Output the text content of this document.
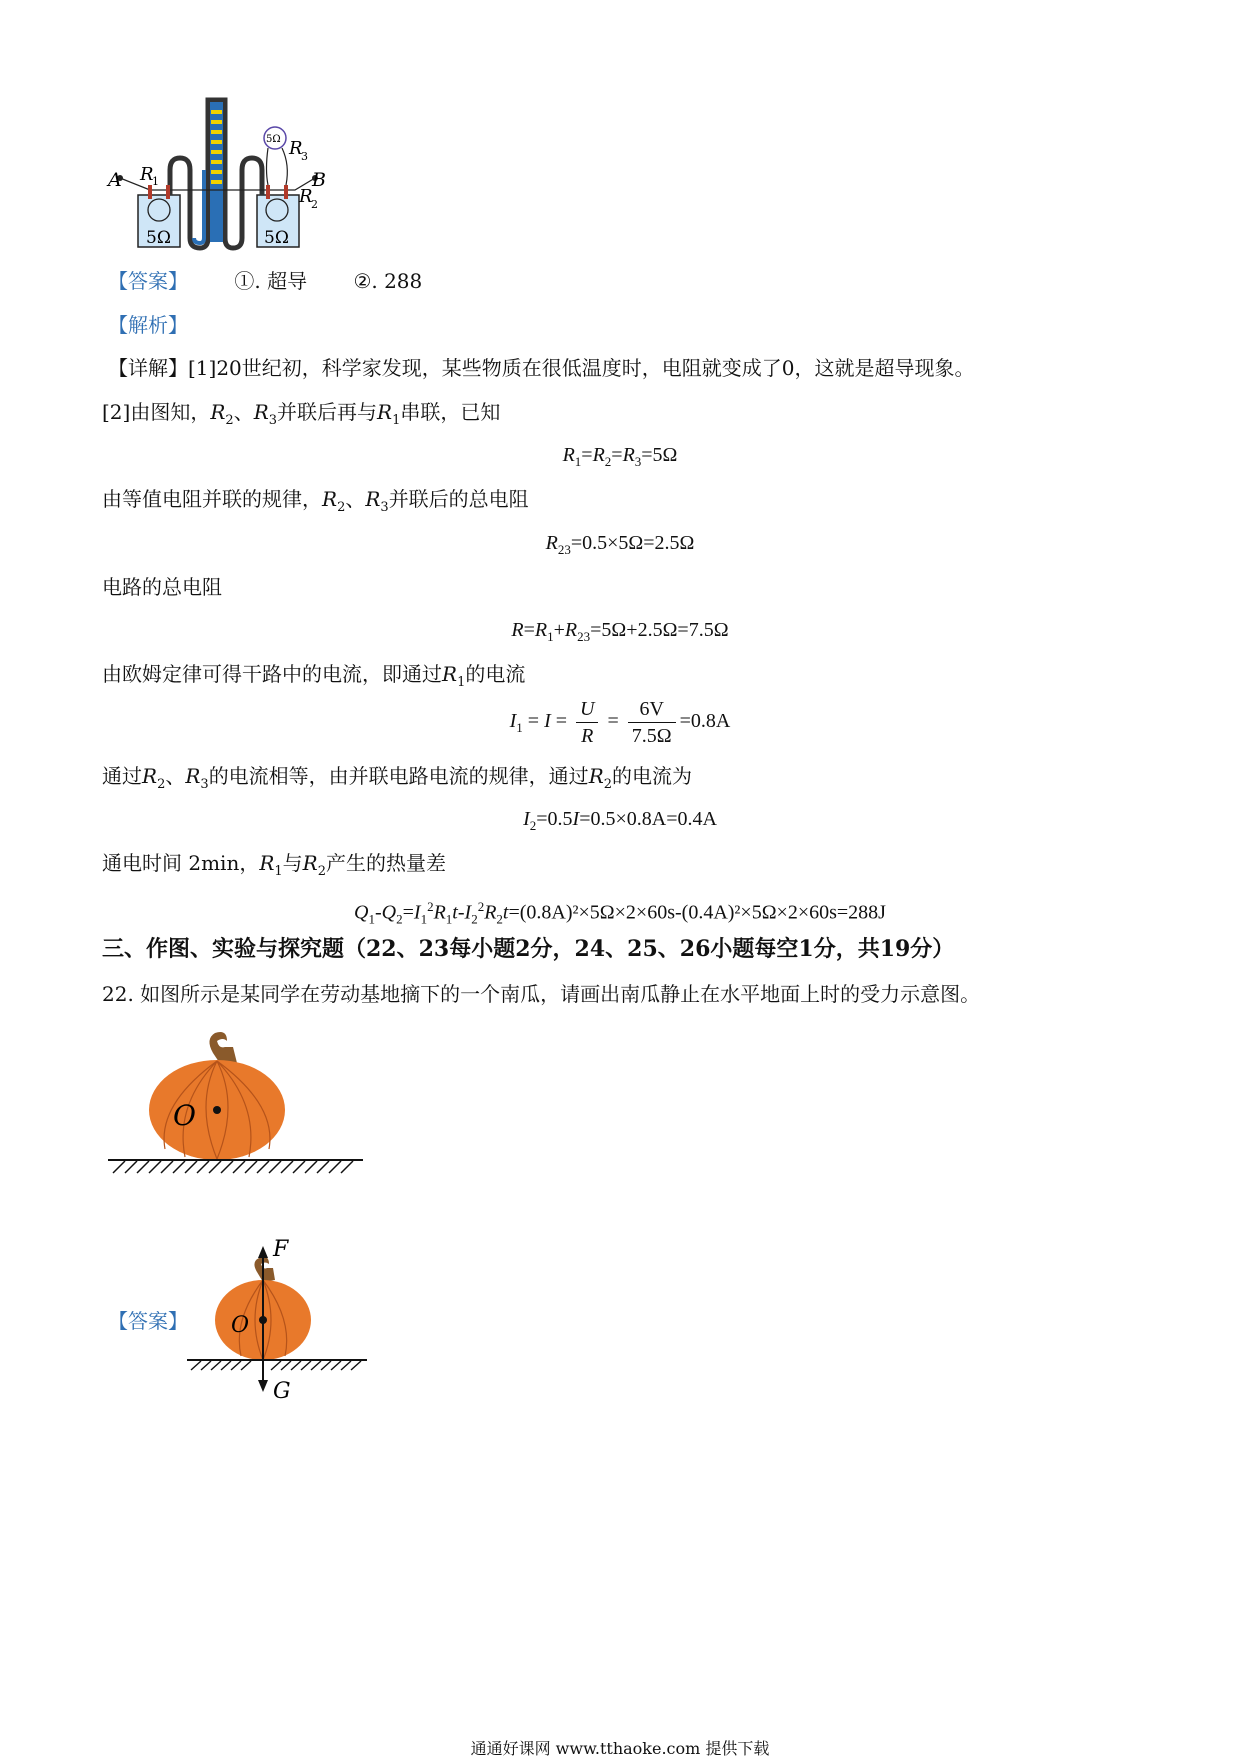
5Ω
A	B
R
1
R
2
R
3
5Ω	5Ω
【答案】 ①. 超导 ②. 288
【解析】
【详解】[1]20世纪初，科学家发现，某些物质在很低温度时，电阻就变成了0，这就是超导现象。
[2]由图知，$R_2$、$R_3$并联后再与$R_1$串联，已知
$R_1=R_2=R_3=5\Omega$
由等值电阻并联的规律，$R_2$、$R_3$并联后的总电阻
$R_{23}=0.5\times 5\Omega=2.5\Omega$
电路的总电阻
$R=R_1+R_{23}=5\Omega+2.5\Omega=7.5\Omega$
由欧姆定律可得干路中的电流，即通过$R_1$的电流
$I_1 = I = \frac{U}{R} = \frac{6V}{7.5\Omega} =0.8A$
通过$R_2$、$R_3$的电流相等，由并联电路电流的规律，通过$R_2$的电流为
$I_2=0.5I=0.5\times 0.8A=0.4A$
通电时间 2min，$R_1$与$R_2$产生的热量差
$Q_1-Q_2=I_1^2R_1t-I_2^2R_2t=(0.8A)^2\times 5\Omega\times 2\times 60s-(0.4A)^2\times 5\Omega\times 2\times 60s=288J$
三、作图、实验与探究题（22、23每小题2分，24、25、26小题每空1分，共19分）
22. 如图所示是某同学在劳动基地摘下的一个南瓜，请画出南瓜静止在水平地面上时的受力示意图。
O
【答案】 O
F
G
通通好课网 www.tthaoke.com 提供下载
